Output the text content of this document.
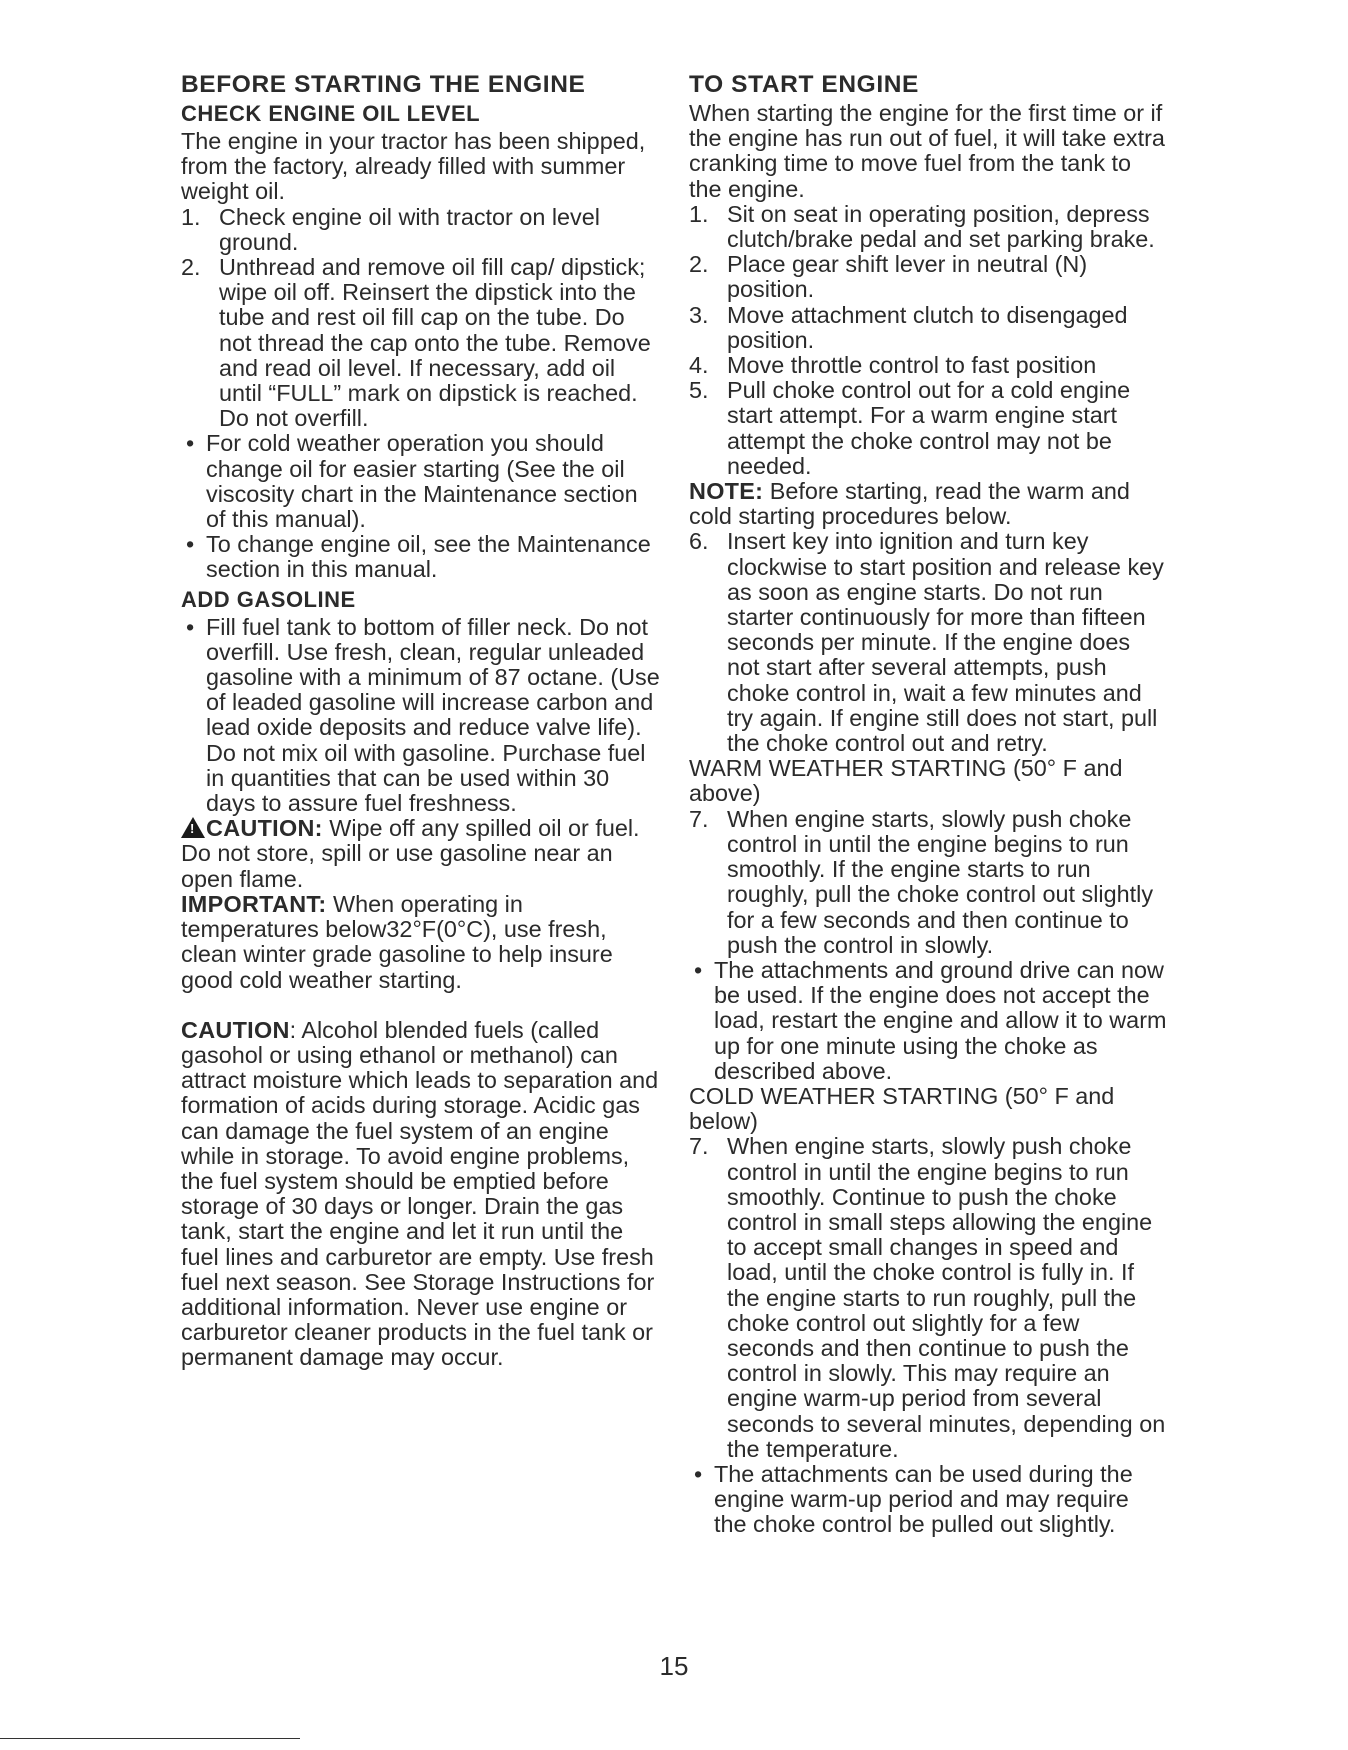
BEFORE STARTING THE ENGINE
CHECK ENGINE OIL LEVEL

The engine in your tractor has been shipped, from the factory, already filled with summer weight oil.

1. Check engine oil with tractor on level ground.
2. Unthread and remove oil fill cap/ dipstick; wipe oil off. Reinsert the dipstick into the tube and rest oil fill cap on the tube. Do not thread the cap onto the tube. Remove and read oil level. If necessary, add oil until “FULL” mark on dipstick is reached. Do not overfill.
• For cold weather operation you should change oil for easier starting (See the oil viscosity chart in the Maintenance section of this manual).
• To change engine oil, see the Maintenance section in this manual.
ADD GASOLINE
• Fill fuel tank to bottom of filler neck. Do not overfill. Use fresh, clean, regular unleaded gasoline with a minimum of 87 octane. (Use of leaded gasoline will increase carbon and lead oxide deposits and reduce valve life). Do not mix oil with gasoline. Purchase fuel in quantities that can be used within 30 days to assure fuel freshness.

!CAUTION: Wipe off any spilled oil or fuel. Do not store, spill or use gasoline near an open flame.

IMPORTANT: When operating in temperatures below32°F(0°C), use fresh, clean winter grade gasoline to help insure good cold weather starting.

CAUTION: Alcohol blended fuels (called gasohol or using ethanol or methanol) can attract moisture which leads to separation and formation of acids during storage. Acidic gas can damage the fuel system of an engine while in storage. To avoid engine problems, the fuel system should be emptied before storage of 30 days or longer. Drain the gas tank, start the engine and let it run until the fuel lines and carburetor are empty. Use fresh fuel next season. See Storage Instructions for additional information. Never use engine or carburetor cleaner products in the fuel tank or permanent damage may occur.

TO START ENGINE

When starting the engine for the first time or if the engine has run out of fuel, it will take extra cranking time to move fuel from the tank to the engine.

1. Sit on seat in operating position, depress clutch/brake pedal and set parking brake.
2. Place gear shift lever in neutral (N) position.
3. Move attachment clutch to disengaged position.
4. Move throttle control to fast position
5. Pull choke control out for a cold engine start attempt. For a warm engine start attempt the choke control may not be needed.

NOTE: Before starting, read the warm and cold starting procedures below.

6. Insert key into ignition and turn key clockwise to start position and release key as soon as engine starts. Do not run starter continuously for more than fifteen seconds per minute. If the engine does not start after several attempts, push choke control in, wait a few minutes and try again. If engine still does not start, pull the choke control out and retry.

WARM WEATHER STARTING (50° F and above)

7. When engine starts, slowly push choke control in until the engine begins to run smoothly. If the engine starts to run roughly, pull the choke control out slightly for a few seconds and then continue to push the control in slowly.
• The attachments and ground drive can now be used. If the engine does not accept the load, restart the engine and allow it to warm up for one minute using the choke as described above.

COLD WEATHER STARTING (50° F and below)

7. When engine starts, slowly push choke control in until the engine begins to run smoothly. Continue to push the choke control in small steps allowing the engine to accept small changes in speed and load, until the choke control is fully in. If the engine starts to run roughly, pull the choke control out slightly for a few seconds and then continue to push the control in slowly. This may require an engine warm-up period from several seconds to several minutes, depending on the temperature.
• The attachments can be used during the engine warm-up period and may require the choke control be pulled out slightly.
15
